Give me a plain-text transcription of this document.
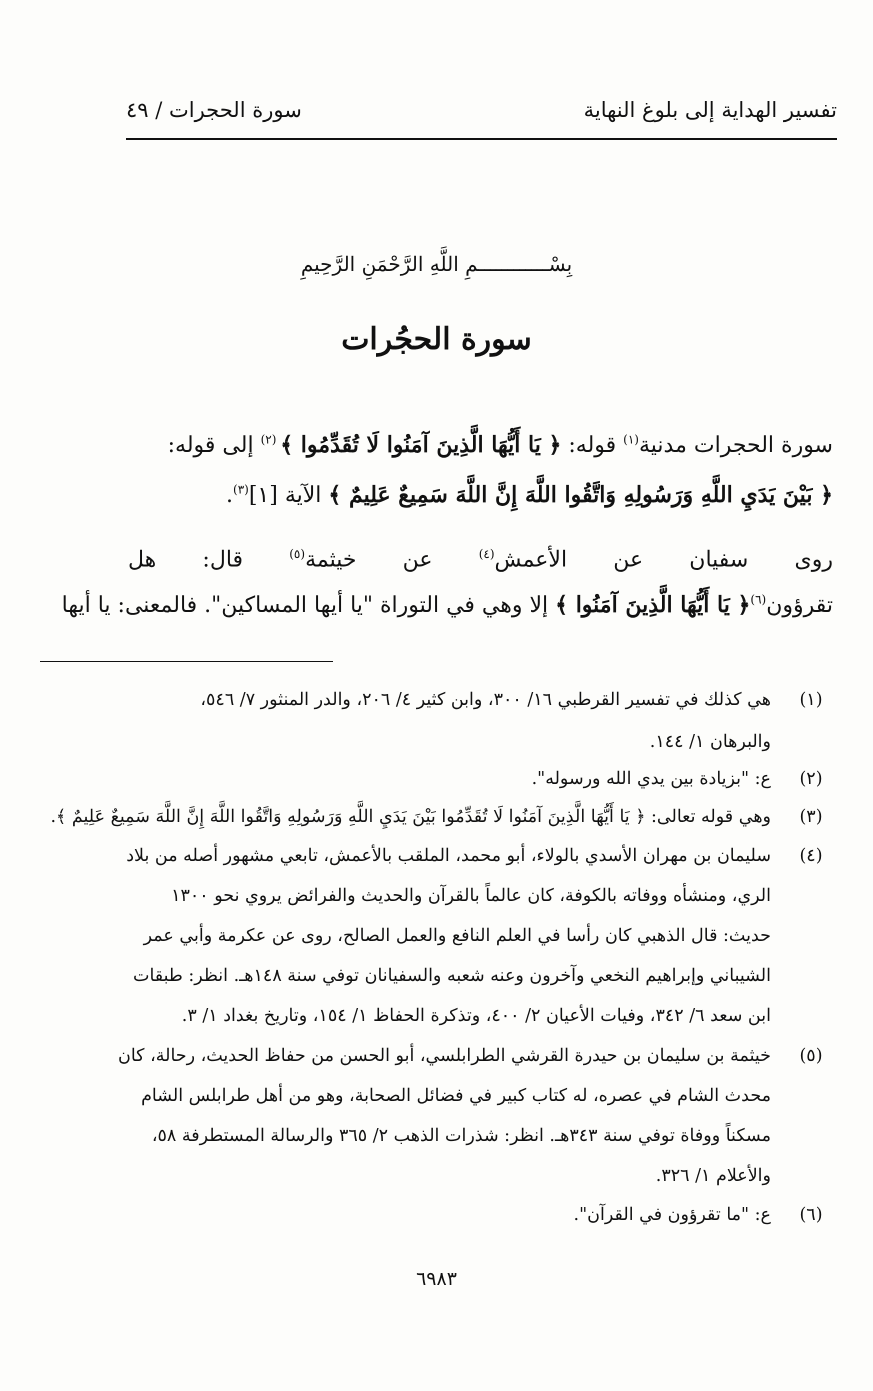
تفسير الهداية إلى بلوغ النهاية
سورة الحجرات / ٤٩
بِسْــــــــــــمِ اللَّهِ الرَّحْمَنِ الرَّحِيمِ
سورة الحجُرات
سورة الحجرات مدنية$^{(١)}$ قوله: ﴿ يَا أَيُّهَا الَّذِينَ آمَنُوا لَا تُقَدِّمُوا ﴾ $^{(٢)}$ إلى قوله:
﴿ بَيْنَ يَدَيِ اللَّهِ وَرَسُولِهِ وَاتَّقُوا اللَّهَ إِنَّ اللَّهَ سَمِيعٌ عَلِيمٌ ﴾ الآية [١]$^{(٣)}$.
روى سفيان عن الأعمش$^{(٤)}$ عن خيثمة$^{(٥)}$ قال: هل
تقرؤون$^{(٦)}$﴿ يَا أَيُّهَا الَّذِينَ آمَنُوا ﴾ إلا وهي في التوراة "يا أيها المساكين". فالمعنى: يا أيها
(١)
هي كذلك في تفسير القرطبي ١٦/ ٣٠٠، وابن كثير ٤/ ٢٠٦، والدر المنثور ٧/ ٥٤٦،
والبرهان ١/ ١٤٤.
(٢)
ع: "بزيادة بين يدي الله ورسوله".
(٣)
وهي قوله تعالى: ﴿ يَا أَيُّهَا الَّذِينَ آمَنُوا لَا تُقَدِّمُوا بَيْنَ يَدَيِ اللَّهِ وَرَسُولِهِ وَاتَّقُوا اللَّهَ إِنَّ اللَّهَ سَمِيعٌ عَلِيمٌ ﴾.
(٤)
سليمان بن مهران الأسدي بالولاء، أبو محمد، الملقب بالأعمش، تابعي مشهور أصله من بلاد
الري، ومنشأه ووفاته بالكوفة، كان عالماً بالقرآن والحديث والفرائض يروي نحو ١٣٠٠
حديث: قال الذهبي كان رأسا في العلم النافع والعمل الصالح، روى عن عكرمة وأبي عمر
الشيباني وإبراهيم النخعي وآخرون وعنه شعبه والسفيانان توفي سنة ١٤٨هـ. انظر: طبقات
ابن سعد ٦/ ٣٤٢، وفيات الأعيان ٢/ ٤٠٠، وتذكرة الحفاظ ١/ ١٥٤، وتاريخ بغداد ١/ ٣.
(٥)
خيثمة بن سليمان بن حيدرة القرشي الطرابلسي، أبو الحسن من حفاظ الحديث، رحالة، كان
محدث الشام في عصره، له كتاب كبير في فضائل الصحابة، وهو من أهل طرابلس الشام
مسكناً ووفاة توفي سنة ٣٤٣هـ. انظر: شذرات الذهب ٢/ ٣٦٥ والرسالة المستطرفة ٥٨،
والأعلام ١/ ٣٢٦.
(٦)
ع: "ما تقرؤون في القرآن".
٦٩٨٣
